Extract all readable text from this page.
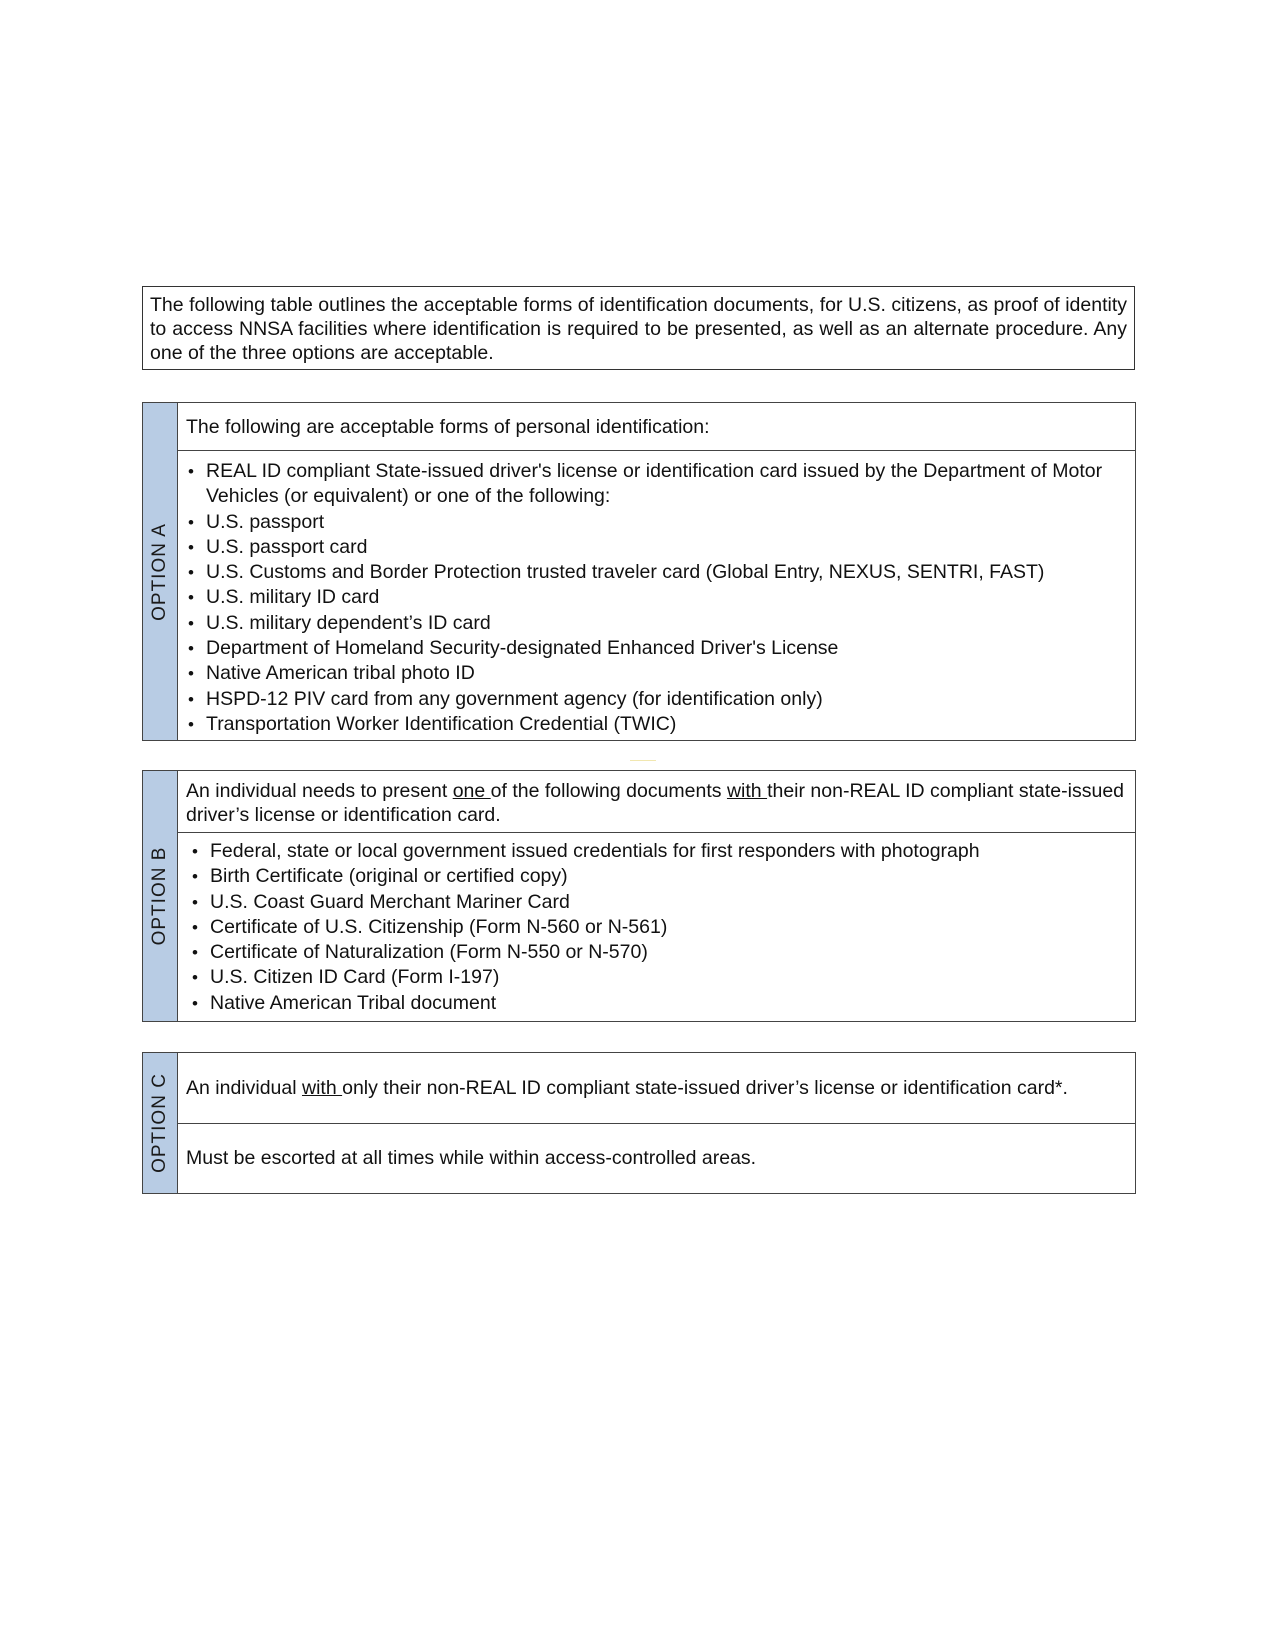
The following table outlines the acceptable forms of identification documents, for U.S. citizens, as proof of identity to access NNSA facilities where identification is required to be presented, as well as an alternate procedure. Any one of the three options are acceptable.
OPTION A
The following are acceptable forms of personal identification:
• REAL ID compliant State-issued driver's license or identification card issued by the Department of Motor Vehicles (or equivalent) or one of the following:
• U.S. passport
• U.S. passport card
• U.S. Customs and Border Protection trusted traveler card (Global Entry, NEXUS, SENTRI, FAST)
• U.S. military ID card
• U.S. military dependent’s ID card
• Department of Homeland Security-designated Enhanced Driver's License
• Native American tribal photo ID
• HSPD-12 PIV card from any government agency (for identification only)
• Transportation Worker Identification Credential (TWIC)
OPTION B
An individual needs to present one of the following documents with their non-REAL ID compliant state-issued driver’s license or identification card.
• Federal, state or local government issued credentials for first responders with photograph
• Birth Certificate (original or certified copy)
• U.S. Coast Guard Merchant Mariner Card
• Certificate of U.S. Citizenship (Form N-560 or N-561)
• Certificate of Naturalization (Form N-550 or N-570)
• U.S. Citizen ID Card (Form I-197)
• Native American Tribal document
OPTION C An individual with only their non-REAL ID compliant state-issued driver’s license or identification card*.
Must be escorted at all times while within access-controlled areas.
